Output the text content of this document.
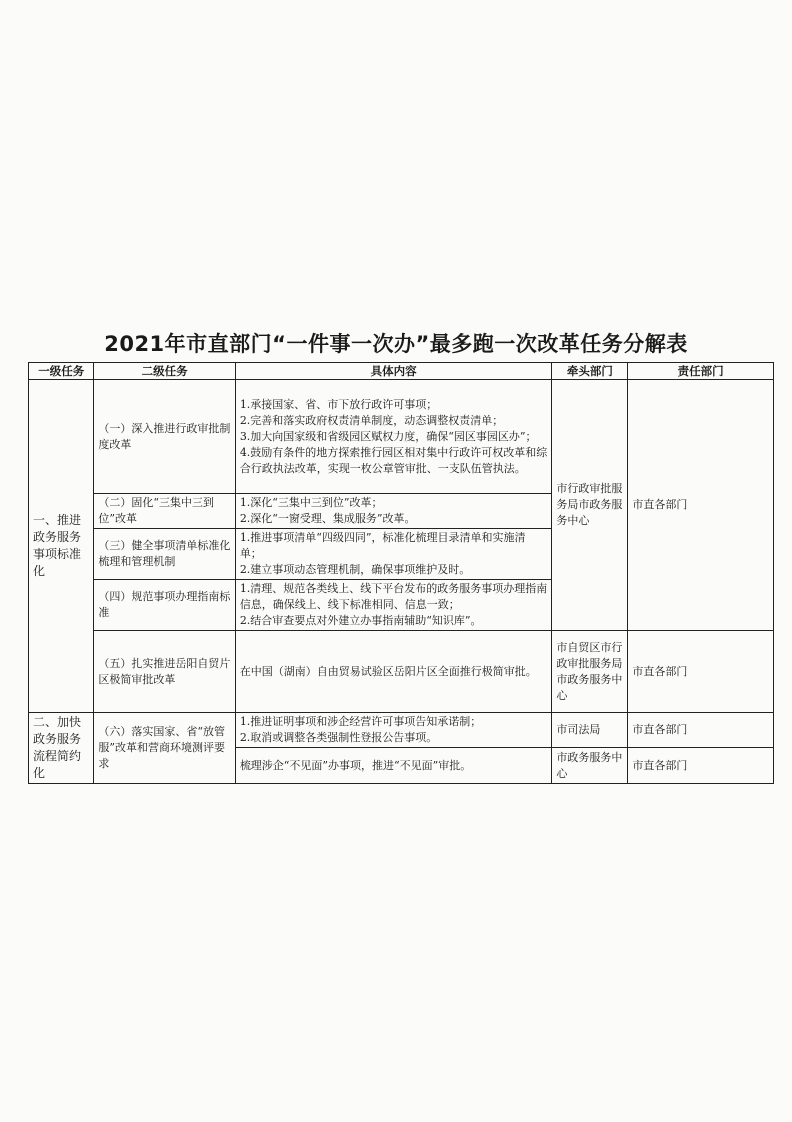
2021年市直部门“一件事一次办”最多跑一次改革任务分解表
一级任务	二级任务	具体内容	牵头部门	责任部门
一、推进政务服务事项标准化	（一）深入推进行政审批制度改革	1.承接国家、省、市下放行政许可事项；

2.完善和落实政府权责清单制度，动态调整权责清单；

3.加大向国家级和省级园区赋权力度，确保“园区事园区办”；

4.鼓励有条件的地方探索推行园区相对集中行政许可权改革和综合行政执法改革，实现一枚公章管审批、一支队伍管执法。	市行政审批服务局市政务服务中心	市直各部门
	（二）固化“三集中三到位”改革	1.深化“三集中三到位”改革；

2.深化“一窗受理、集成服务”改革。		

	（三）健全事项清单标准化梳理和管理机制	1.推进事项清单“四级四同”，标准化梳理目录清单和实施清单；

2.建立事项动态管理机制，确保事项维护及时。		

	（四）规范事项办理指南标准	1.清理、规范各类线上、线下平台发布的政务服务事项办理指南信息，确保线上、线下标准相同、信息一致；

2.结合审查要点对外建立办事指南辅助“知识库”。		

	（五）扎实推进岳阳自贸片区极简审批改革	在中国（湖南）自由贸易试验区岳阳片区全面推行极简审批。	市自贸区市行政审批服务局市政务服务中心	市直各部门
二、加快政务服务流程简约化	（六）落实国家、省“放管服”改革和营商环境测评要求	1.推进证明事项和涉企经营许可事项告知承诺制；

2.取消或调整各类强制性登报公告事项。	市司法局	市直各部门

		梳理涉企“不见面”办事项，推进“不见面”审批。	市政务服务中心	市直各部门
